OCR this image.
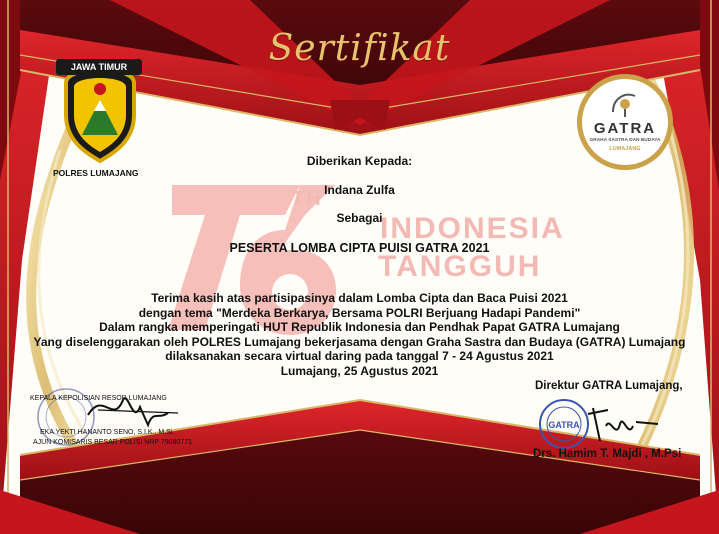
TH
INDONESIA
TANGGUH
Sertifikat
JAWA TIMUR
POLRES LUMAJANG
GATRA
GRAHA SASTRA DAN BUDAYA
LUMAJANG
Diberikan Kepada:
Indana Zulfa
Sebagai
PESERTA LOMBA CIPTA PUISI GATRA 2021
Terima kasih atas partisipasinya dalam Lomba Cipta dan Baca Puisi 2021
dengan tema "Merdeka Berkarya, Bersama POLRI Berjuang Hadapi Pandemi"
Dalam rangka memperingati HUT Republik Indonesia dan Pendhak Papat GATRA Lumajang
Yang diselenggarakan oleh POLRES Lumajang bekerjasama dengan Graha Sastra dan Budaya (GATRA) Lumajang
dilaksanakan secara virtual daring pada tanggal 7 - 24 Agustus 2021
Lumajang, 25 Agustus 2021
KEPALA KEPOLISIAN RESOR LUMAJANG
EKA YEKTI HANANTO SENO, S.I.K., M.Si.
AJUN KOMISARIS BESAR POLISI NRP 79080771
Direktur GATRA Lumajang,
GATRA
Drs. Hamim T. Majdi , M.Psi
